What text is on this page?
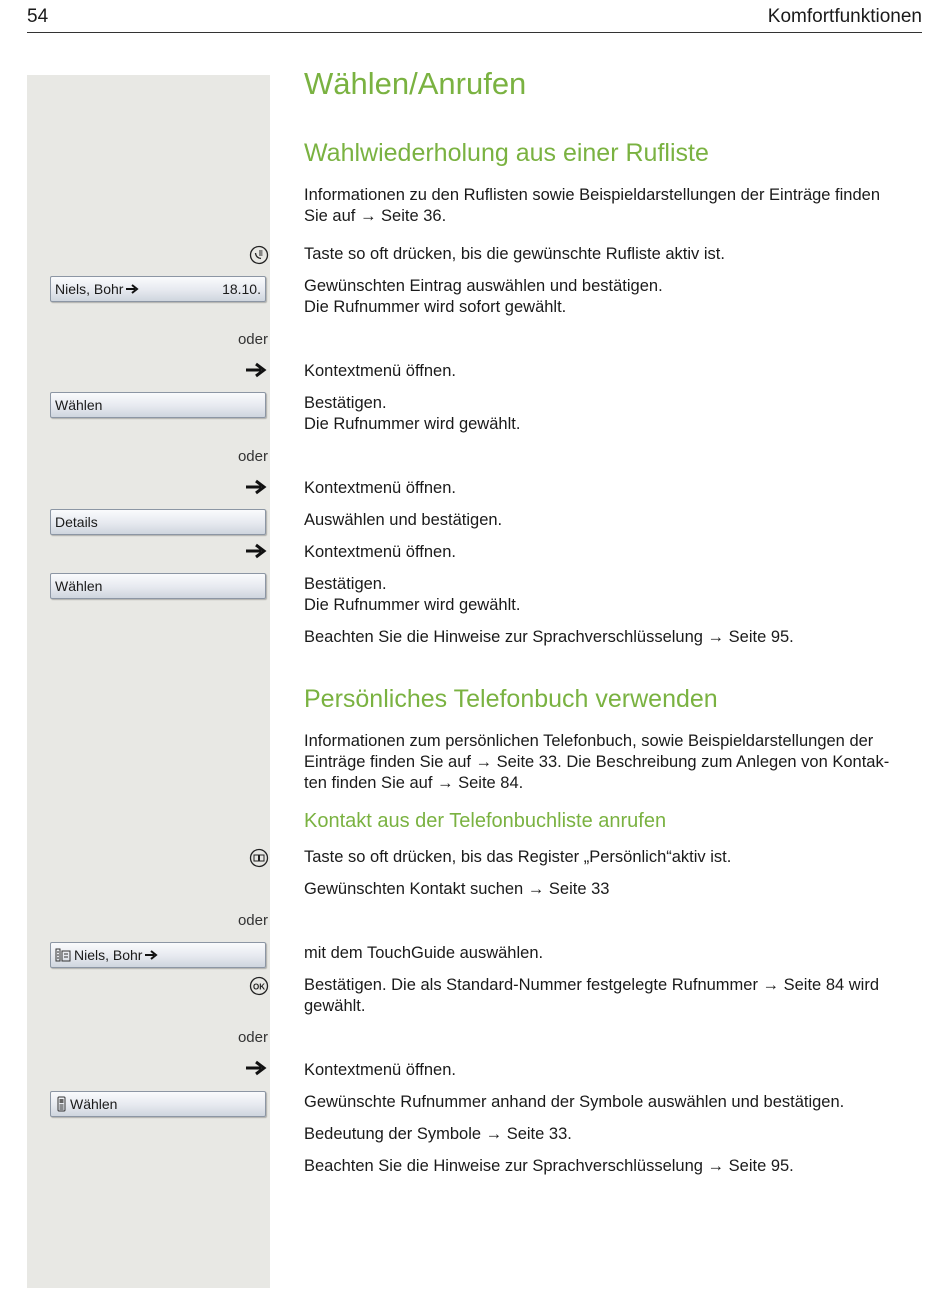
54	Komfortfunktionen
Wählen/Anrufen
Wahlwiederholung aus einer Rufliste
Informationen zu den Ruflisten sowie Beispieldarstellungen der Einträge finden
Sie auf → Seite 36.
Taste so oft drücken, bis die gewünschte Rufliste aktiv ist.
Niels, Bohr	18.10.	Gewünschten Eintrag auswählen und bestätigen.
Die Rufnummer wird sofort gewählt.
oder
Kontextmenü öffnen.
Wählen	Bestätigen.
Die Rufnummer wird gewählt.
oder
Kontextmenü öffnen.
Details	Auswählen und bestätigen.
Kontextmenü öffnen.
Wählen	Bestätigen.
Die Rufnummer wird gewählt.
Beachten Sie die Hinweise zur Sprachverschlüsselung → Seite 95.
Persönliches Telefonbuch verwenden
Informationen zum persönlichen Telefonbuch, sowie Beispieldarstellungen der
Einträge finden Sie auf → Seite 33. Die Beschreibung zum Anlegen von Kontak-
ten finden Sie auf → Seite 84.
Kontakt aus der Telefonbuchliste anrufen
Taste so oft drücken, bis das Register „Persönlich“aktiv ist.
Gewünschten Kontakt suchen → Seite 33
oder
Niels, Bohr	mit dem TouchGuide auswählen.
OK Bestätigen. Die als Standard-Nummer festgelegte Rufnummer → Seite 84 wird
gewählt.
oder
Kontextmenü öffnen.
Wählen	Gewünschte Rufnummer anhand der Symbole auswählen und bestätigen.
Bedeutung der Symbole → Seite 33.
Beachten Sie die Hinweise zur Sprachverschlüsselung → Seite 95.
